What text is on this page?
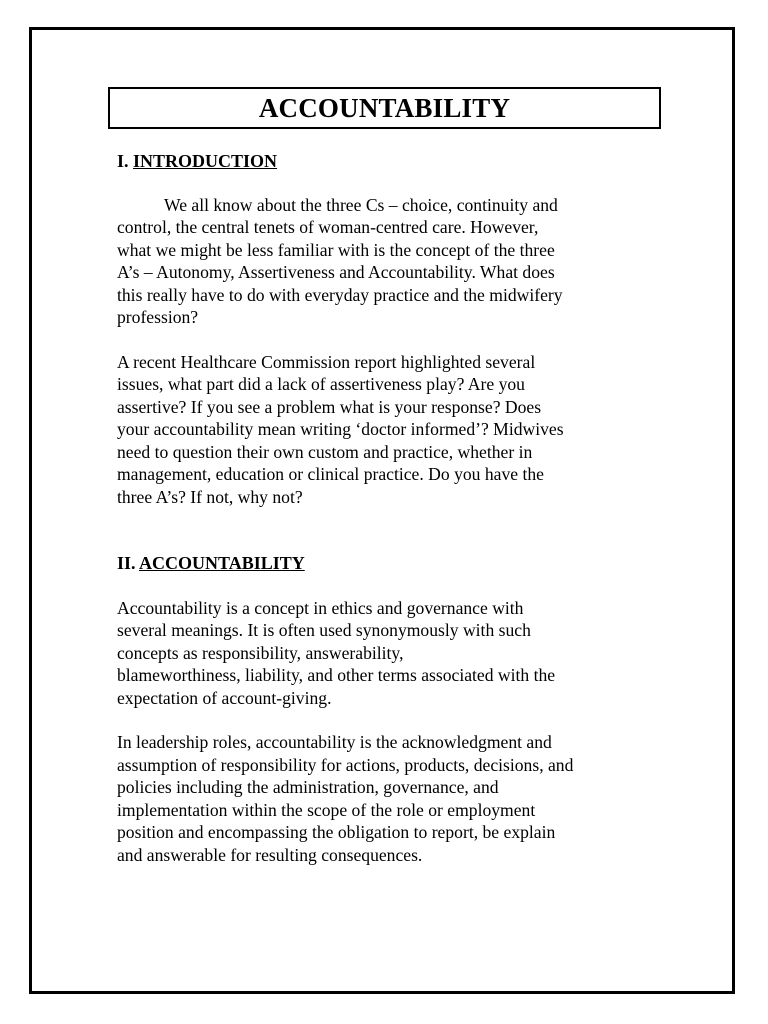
ACCOUNTABILITY

I. INTRODUCTION

We all know about the three Cs – choice, continuity and
control, the central tenets of woman-centred care. However,
what we might be less familiar with is the concept of the three
A’s – Autonomy, Assertiveness and Accountability. What does
this really have to do with everyday practice and the midwifery
profession?

A recent Healthcare Commission report highlighted several
issues, what part did a lack of assertiveness play? Are you
assertive? If you see a problem what is your response? Does
your accountability mean writing ‘doctor informed’? Midwives
need to question their own custom and practice, whether in
management, education or clinical practice. Do you have the
three A’s? If not, why not?

II. ACCOUNTABILITY

Accountability is a concept in ethics and governance with
several meanings. It is often used synonymously with such
concepts as responsibility, answerability,
blameworthiness, liability, and other terms associated with the
expectation of account-giving.

In leadership roles, accountability is the acknowledgment and
assumption of responsibility for actions, products, decisions, and
policies including the administration, governance, and
implementation within the scope of the role or employment
position and encompassing the obligation to report, be explain
and answerable for resulting consequences.
